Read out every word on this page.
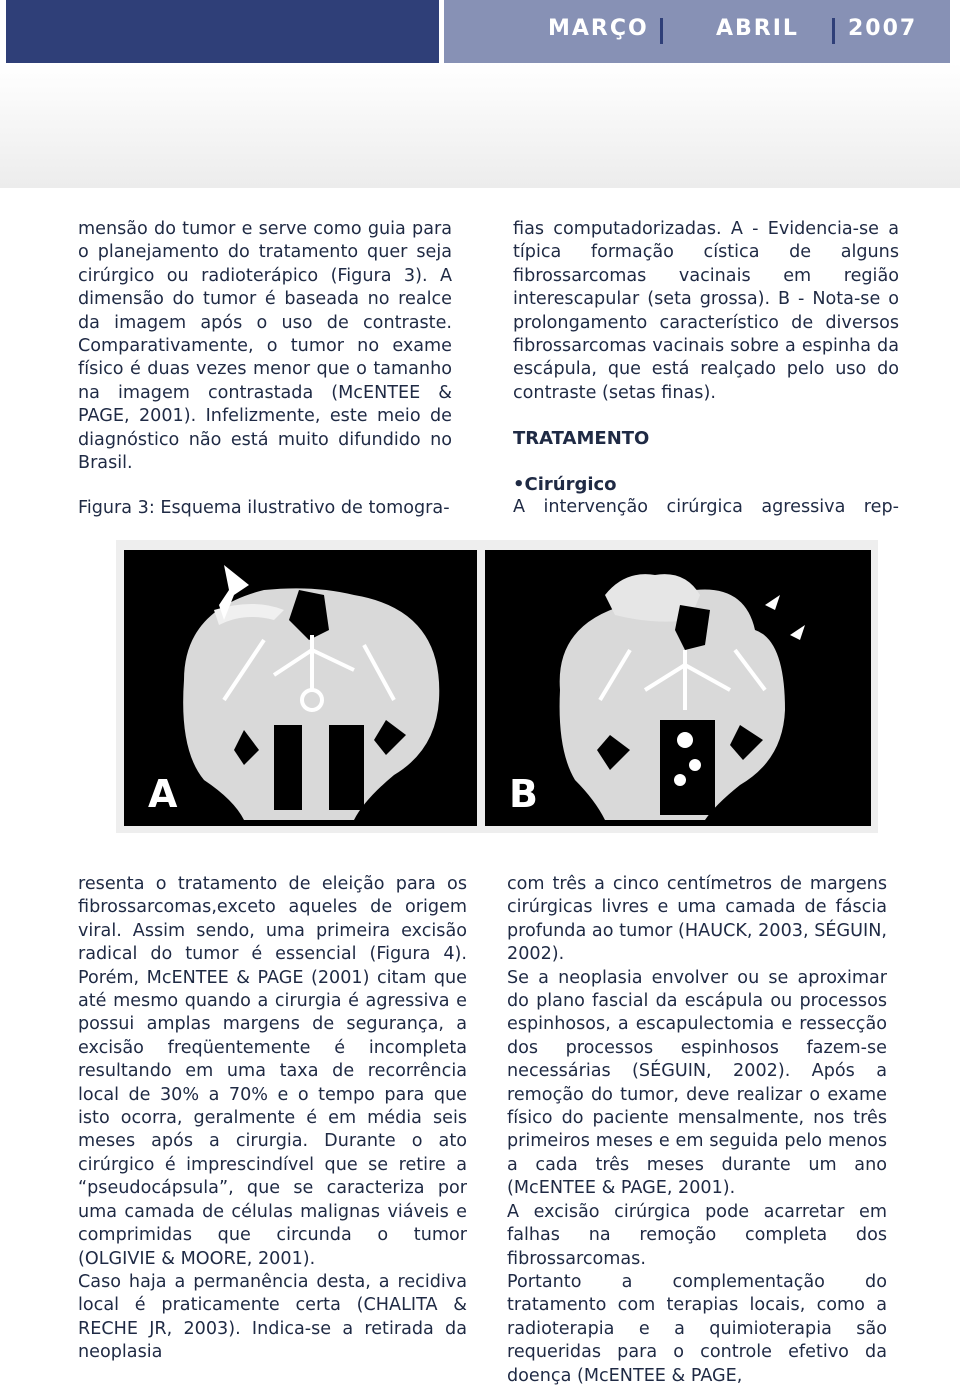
MARÇO	ABRIL 2007

mensão do tumor e serve como guia para o planejamento do tratamento quer seja cirúrgico ou radioterápico (Figura 3). A dimensão do tumor é baseada no realce da imagem após o uso de contraste. Comparativamente, o tumor no exame físico é duas vezes menor que o tamanho na imagem contrastada (McENTEE & PAGE, 2001). Infelizmente, este meio de diagnóstico não está muito difundido no Brasil.

Figura 3: Esquema ilustrativo de tomogra-

fias computadorizadas. A - Evidencia-se a típica formação cística de alguns fibrossarcomas vacinais em região interescapular (seta grossa). B - Nota-se o prolongamento característico de diversos fibrossarcomas vacinais sobre a espinha da escápula, que está realçado pelo uso do contraste (setas finas).

TRATAMENTO

•Cirúrgico

A intervenção cirúrgica agressiva rep-

A	B

resenta o tratamento de eleição para os fibrossarcomas,exceto aqueles de origem viral. Assim sendo, uma primeira excisão radical do tumor é essencial (Figura 4). Porém, McENTEE & PAGE (2001) citam que até mesmo quando a cirurgia é agressiva e possui amplas margens de segurança, a excisão freqüentemente é incompleta resultando em uma taxa de recorrência local de 30% a 70% e o tempo para que isto ocorra, geralmente é em média seis meses após a cirurgia. Durante o ato cirúrgico é imprescindível que se retire a “pseudocápsula”, que se caracteriza por uma camada de células malignas viáveis e comprimidas que circunda o tumor (OLGIVIE & MOORE, 2001).

Caso haja a permanência desta, a recidiva local é praticamente certa (CHALITA & RECHE JR, 2003). Indica-se a retirada da neoplasia

com três a cinco centímetros de margens cirúrgicas livres e uma camada de fáscia profunda ao tumor (HAUCK, 2003, SÉGUIN, 2002).

Se a neoplasia envolver ou se aproximar do plano fascial da escápula ou processos espinhosos, a escapulectomia e ressecção dos processos espinhosos fazem-se necessárias (SÉGUIN, 2002). Após a remoção do tumor, deve realizar o exame físico do paciente mensalmente, nos três primeiros meses e em seguida pelo menos a cada três meses durante um ano (McENTEE & PAGE, 2001).

A excisão cirúrgica pode acarretar em falhas na remoção completa dos fibrossarcomas.

Portanto a complementação do tratamento com terapias locais, como a radioterapia e a quimioterapia são requeridas para o controle efetivo da doença (McENTEE & PAGE,
